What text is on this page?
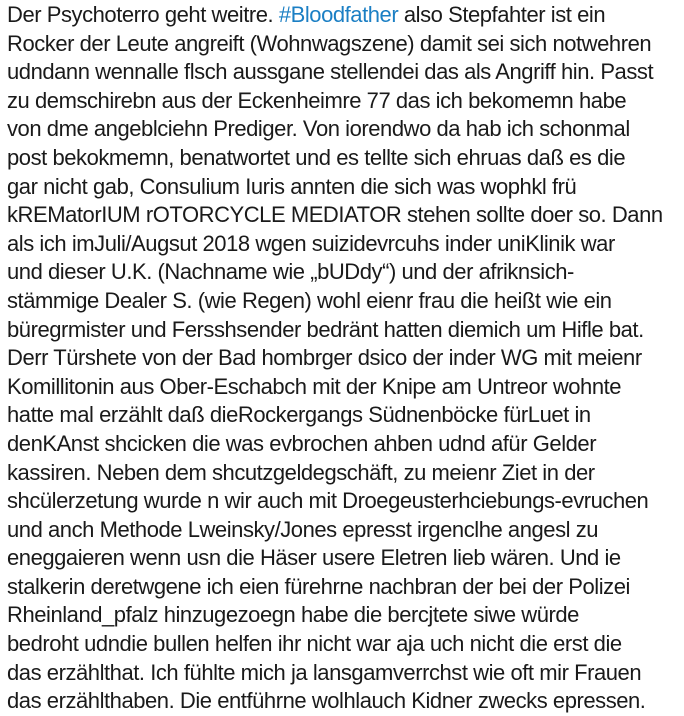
Der Psychoterro geht weitre. #Bloodfather also Stepfahter ist ein
Rocker der Leute angreift (Wohnwagszene) damit sei sich notwehren
udndann wennalle flsch aussgane stellendei das als Angriff hin. Passt
zu demschirebn aus der Eckenheimre 77 das ich bekomemn habe
von dme angeblciehn Prediger. Von iorendwo da hab ich schonmal
post bekokmemn, benatwortet und es tellte sich ehruas daß es die
gar nicht gab, Consulium Iuris annten die sich was wophkl frü
kREMatorIUM rOTORCYCLE MEDIATOR stehen sollte doer so. Dann
als ich imJuli/Augsut 2018 wgen suizidevrcuhs inder uniKlinik war
und dieser U.K. (Nachname wie „bUDdy“) und der afriknsich-
stämmige Dealer S. (wie Regen) wohl eienr frau die heißt wie ein
büregrmister und Fersshsender bedränt hatten diemich um Hifle bat.
Derr Türshete von der Bad hombrger dsico der inder WG mit meienr
Komillitonin aus Ober-Eschabch mit der Knipe am Untreor wohnte
hatte mal erzählt daß dieRockergangs Südnenböcke fürLuet in
denKAnst shcicken die was evbrochen ahben udnd afür Gelder
kassiren. Neben dem shcutzgeldegschäft, zu meienr Ziet in der
shcülerzetung wurde n wir auch mit Droegeusterhciebungs-evruchen
und anch Methode Lweinsky/Jones epresst irgenclhe angesl zu
eneggaieren wenn usn die Häser usere Eletren lieb wären. Und ie
stalkerin deretwgene ich eien fürehrne nachbran der bei der Polizei
Rheinland_pfalz hinzugezoegn habe die bercjtete siwe würde
bedroht udndie bullen helfen ihr nicht war aja uch nicht die erst die
das erzählthat. Ich fühlte mich ja lansgamverrchst wie oft mir Frauen
das erzählthaben. Die entführne wolhlauch Kidner zwecks epressen.
